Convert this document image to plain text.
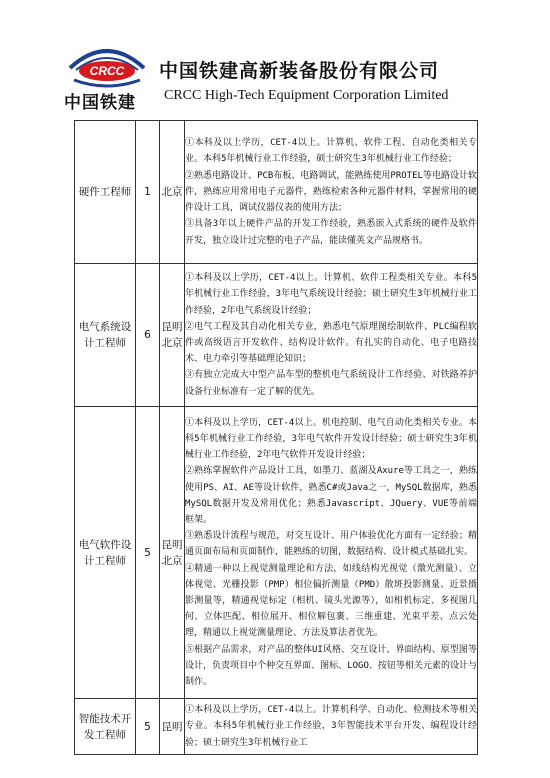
CRCC
中国铁建
中国铁建高新装备股份有限公司
CRCC High-Tech Equipment Corporation Limited
硬件工程师	1	北京	①本科及以上学历，CET-4以上。计算机、软件工程、自动化类相关专业。本科5年机械行业工作经验，硕士研究生3年机械行业工作经验；

②熟悉电路设计、PCB布板、电路调试，能熟练使用PROTEL等电路设计软件，熟练应用常用电子元器件，熟练检索各种元器件材料，掌握常用的硬件设计工具，调试仪器仪表的使用方法；

③具备3年以上硬件产品的开发工作经验，熟悉嵌入式系统的硬件及软件开发，独立设计过完整的电子产品，能读懂英文产品规格书。

电气系统设计工程师	6	昆明北京	①本科及以上学历，CET-4以上。计算机、软件工程类相关专业。本科5年机械行业工作经验，3年电气系统设计经验；硕士研究生3年机械行业工作经验，2年电气系统设计经验；

②电气工程及其自动化相关专业，熟悉电气原理图绘制软件、PLC编程软件或高级语言开发软件、结构设计软件。有扎实的自动化、电子电路技术、电力牵引等基础理论知识；

③有独立完成大中型产品车型的整机电气系统设计工作经验、对铁路养护设备行业标准有一定了解的优先。

电气软件设计工程师	5	昆明北京	①本科及以上学历，CET-4以上。机电控制、电气自动化类相关专业。本科5年机械行业工作经验，3年电气软件开发设计经验；硕士研究生3年机械行业工作经验，2年电气软件开发设计经验；

②熟练掌握软件产品设计工具，如墨刀、蓝湖及Axure等工具之一，熟练使用PS、AI、AE等设计软件，熟悉C#或Java之一，MySQL数据库，熟悉MySQL数据开发及常用优化；熟悉Javascript、JQuery、VUE等前端框架。

③熟悉设计流程与规范，对交互设计、用户体验优化方面有一定经验；精通页面布局和页面制作，能熟练的切图，数据结构、设计模式基础扎实。

④精通一种以上视觉测量理论和方法，如线结构光视觉（激光测量）、立体视觉、光栅投影（PMP）相位偏折测量（PMD）散斑投影测量、近景摄影测量等，精通视觉标定（相机、镜头光源等），如相机标定、多视图几何、立体匹配、相位展开、相位解包裹、三维重建、光束平差、点云处理，精通以上视觉测量理论、方法及算法者优先。

⑤根据产品需求，对产品的整体UI风格、交互设计、界面结构、原型图等设计，负责项目中个种交互界面、图标、LOGO、按钮等相关元素的设计与制作。

智能技术开发工程师	5	昆明	①本科及以上学历，CET-4以上。计算机科学、自动化、检测技术等相关专业。本科5年机械行业工作经验，3年智能技术平台开发、编程设计经验；硕士研究生3年机械行业工
